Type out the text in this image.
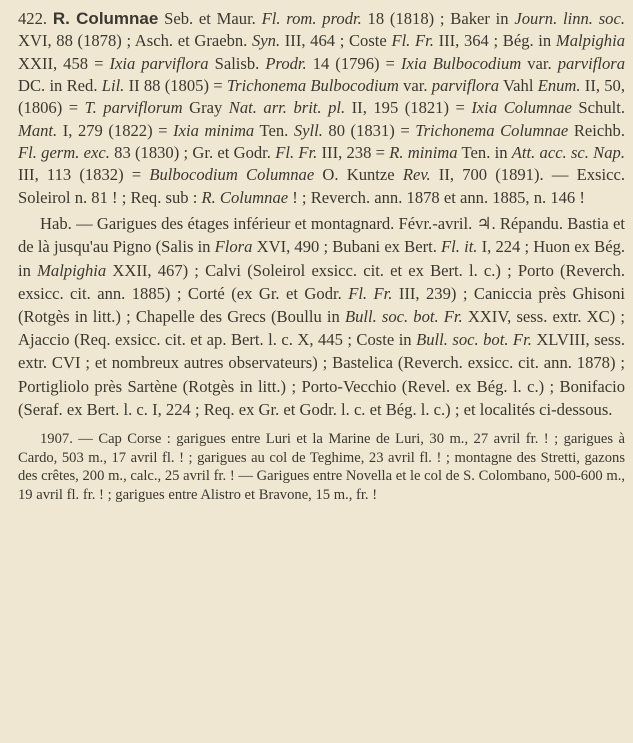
422. R. Columnae Seb. et Maur. Fl. rom. prodr. 18 (1818) ; Baker in Journ. linn. soc. XVI, 88 (1878) ; Asch. et Graebn. Syn. III, 464 ; Coste Fl. Fr. III, 364 ; Bég. in Malpighia XXII, 458 = Ixia parviflora Salisb. Prodr. 14 (1796) = Ixia Bulbocodium var. parviflora DC. in Red. Lil. II 88 (1805) = Trichonema Bulbocodium var. parviflora Vahl Enum. II, 50, (1806) = T. parviflorum Gray Nat. arr. brit. pl. II, 195 (1821) = Ixia Columnae Schult. Mant. I, 279 (1822) = Ixia minima Ten. Syll. 80 (1831) = Trichonema Columnae Reichb. Fl. germ. exc. 83 (1830) ; Gr. et Godr. Fl. Fr. III, 238 = R. minima Ten. in Att. acc. sc. Nap. III, 113 (1832) = Bulbocodium Columnae O. Kuntze Rev. II, 700 (1891). — Exsicc. Soleirol n. 81 ! ; Req. sub : R. Columnae ! ; Reverch. ann. 1878 et ann. 1885, n. 146 !

Hab. — Garigues des étages inférieur et montagnard. Févr.-avril. ♃. Répandu. Bastia et de là jusqu'au Pigno (Salis in Flora XVI, 490 ; Bubani ex Bert. Fl. it. I, 224 ; Huon ex Bég. in Malpighia XXII, 467) ; Calvi (Soleirol exsicc. cit. et ex Bert. l. c.) ; Porto (Reverch. exsicc. cit. ann. 1885) ; Corté (ex Gr. et Godr. Fl. Fr. III, 239) ; Caniccia près Ghisoni (Rotgès in litt.) ; Chapelle des Grecs (Boullu in Bull. soc. bot. Fr. XXIV, sess. extr. XC) ; Ajaccio (Req. exsicc. cit. et ap. Bert. l. c. X, 445 ; Coste in Bull. soc. bot. Fr. XLVIII, sess. extr. CVI ; et nombreux autres observateurs) ; Bastelica (Reverch. exsicc. cit. ann. 1878) ; Portigliolo près Sartène (Rotgès in litt.) ; Porto-Vecchio (Revel. ex Bég. l. c.) ; Bonifacio (Seraf. ex Bert. l. c. I, 224 ; Req. ex Gr. et Godr. l. c. et Bég. l. c.) ; et localités ci-dessous.

1907. — Cap Corse : garigues entre Luri et la Marine de Luri, 30 m., 27 avril fr. ! ; garigues à Cardo, 503 m., 17 avril fl. ! ; garigues au col de Teghime, 23 avril fl. ! ; montagne des Stretti, gazons des crêtes, 200 m., calc., 25 avril fr. ! — Garigues entre Novella et le col de S. Colombano, 500-600 m., 19 avril fl. fr. ! ; garigues entre Alistro et Bravone, 15 m., fr. !
